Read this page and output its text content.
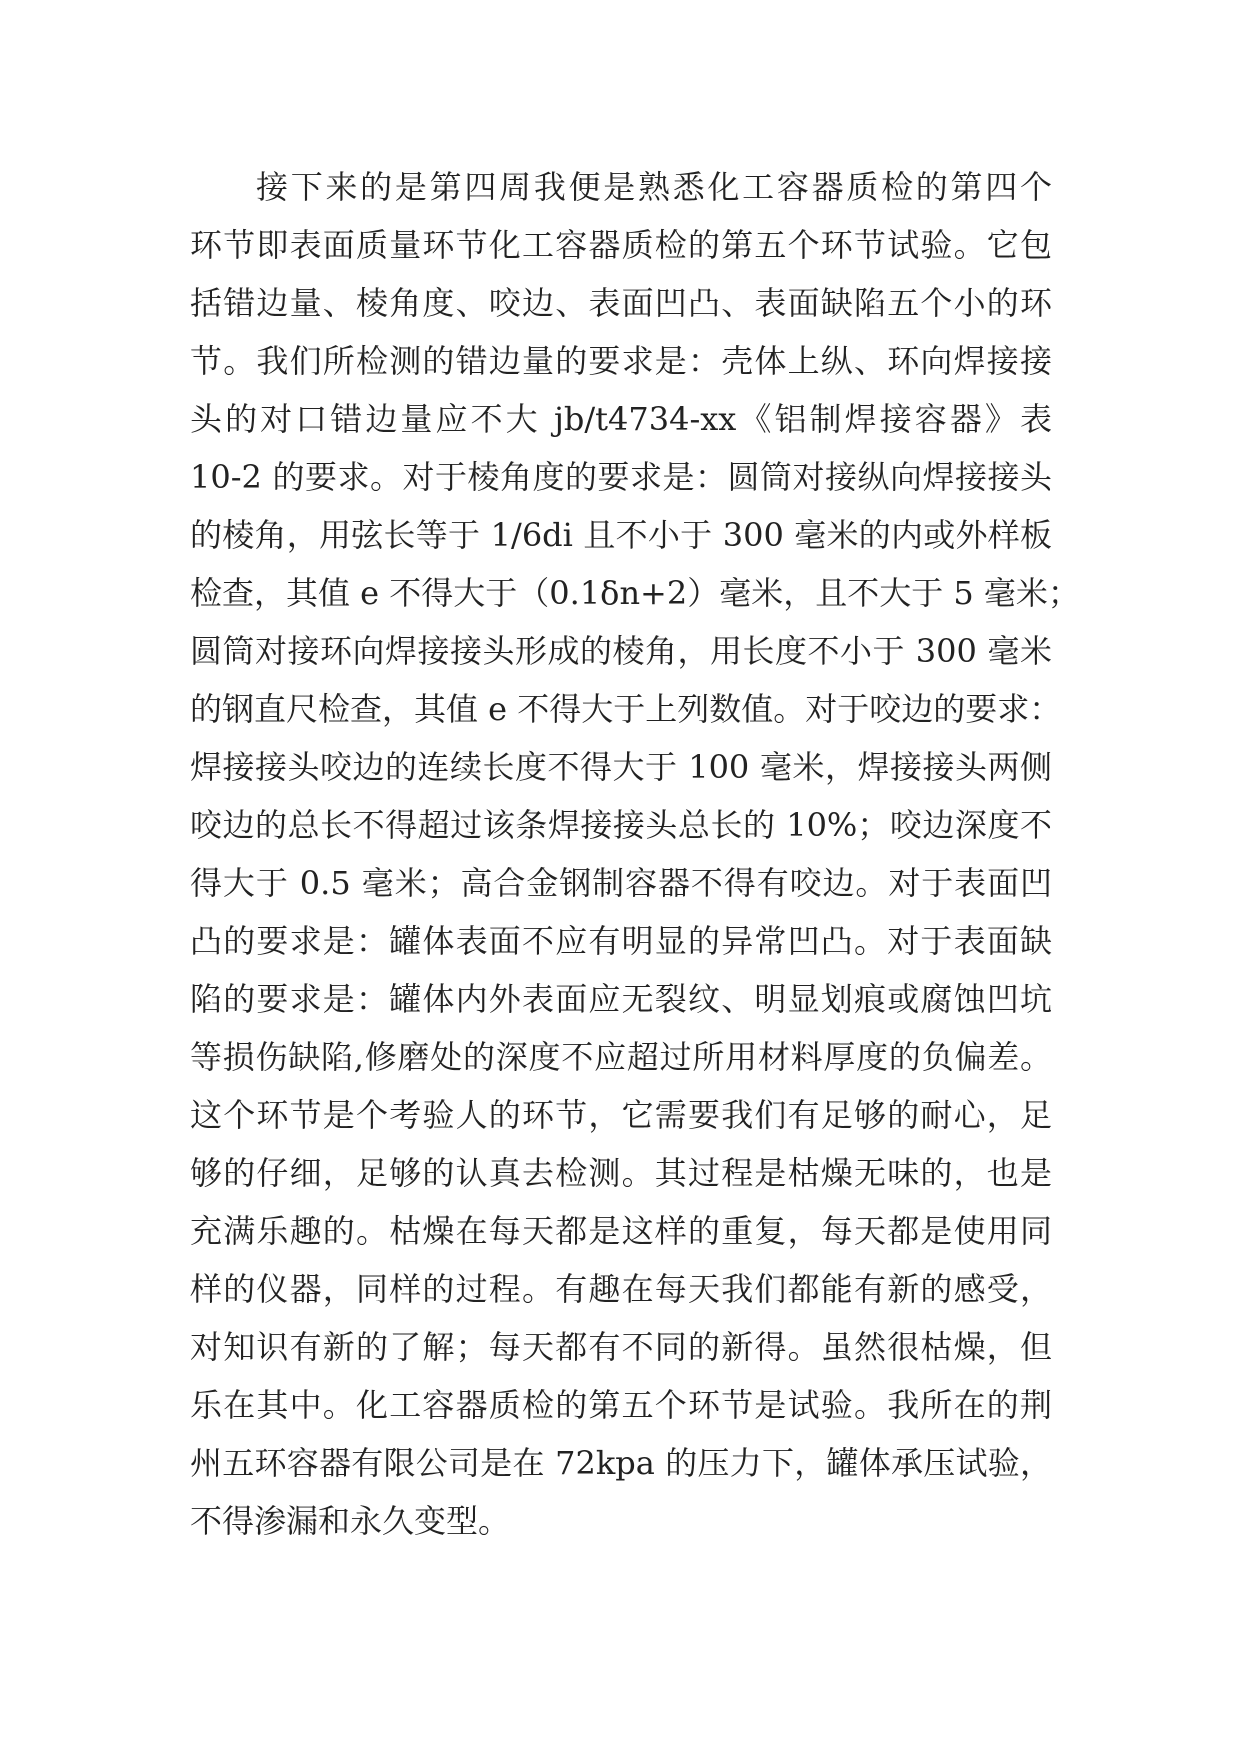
接下来的是第四周我便是熟悉化工容器质检的第四个
环节即表面质量环节化工容器质检的第五个环节试验。它包
括错边量、棱角度、咬边、表面凹凸、表面缺陷五个小的环
节。我们所检测的错边量的要求是：壳体上纵、环向焊接接
头的对口错边量应不大 jb/t4734-xx《铝制焊接容器》表
10-2 的要求。对于棱角度的要求是：圆筒对接纵向焊接接头
的棱角，用弦长等于 1/6di 且不小于 300 毫米的内或外样板
检查，其值 e 不得大于（0.1δn+2）毫米，且不大于 5 毫米；
圆筒对接环向焊接接头形成的棱角，用长度不小于 300 毫米
的钢直尺检查，其值 e 不得大于上列数值。对于咬边的要求：
焊接接头咬边的连续长度不得大于 100 毫米，焊接接头两侧
咬边的总长不得超过该条焊接接头总长的 10%；咬边深度不
得大于 0.5 毫米；高合金钢制容器不得有咬边。对于表面凹
凸的要求是：罐体表面不应有明显的异常凹凸。对于表面缺
陷的要求是：罐体内外表面应无裂纹、明显划痕或腐蚀凹坑
等损伤缺陷,修磨处的深度不应超过所用材料厚度的负偏差。
这个环节是个考验人的环节，它需要我们有足够的耐心，足
够的仔细，足够的认真去检测。其过程是枯燥无味的，也是
充满乐趣的。枯燥在每天都是这样的重复，每天都是使用同
样的仪器，同样的过程。有趣在每天我们都能有新的感受，
对知识有新的了解；每天都有不同的新得。虽然很枯燥，但
乐在其中。化工容器质检的第五个环节是试验。我所在的荆
州五环容器有限公司是在 72kpa 的压力下，罐体承压试验，
不得渗漏和永久变型。
